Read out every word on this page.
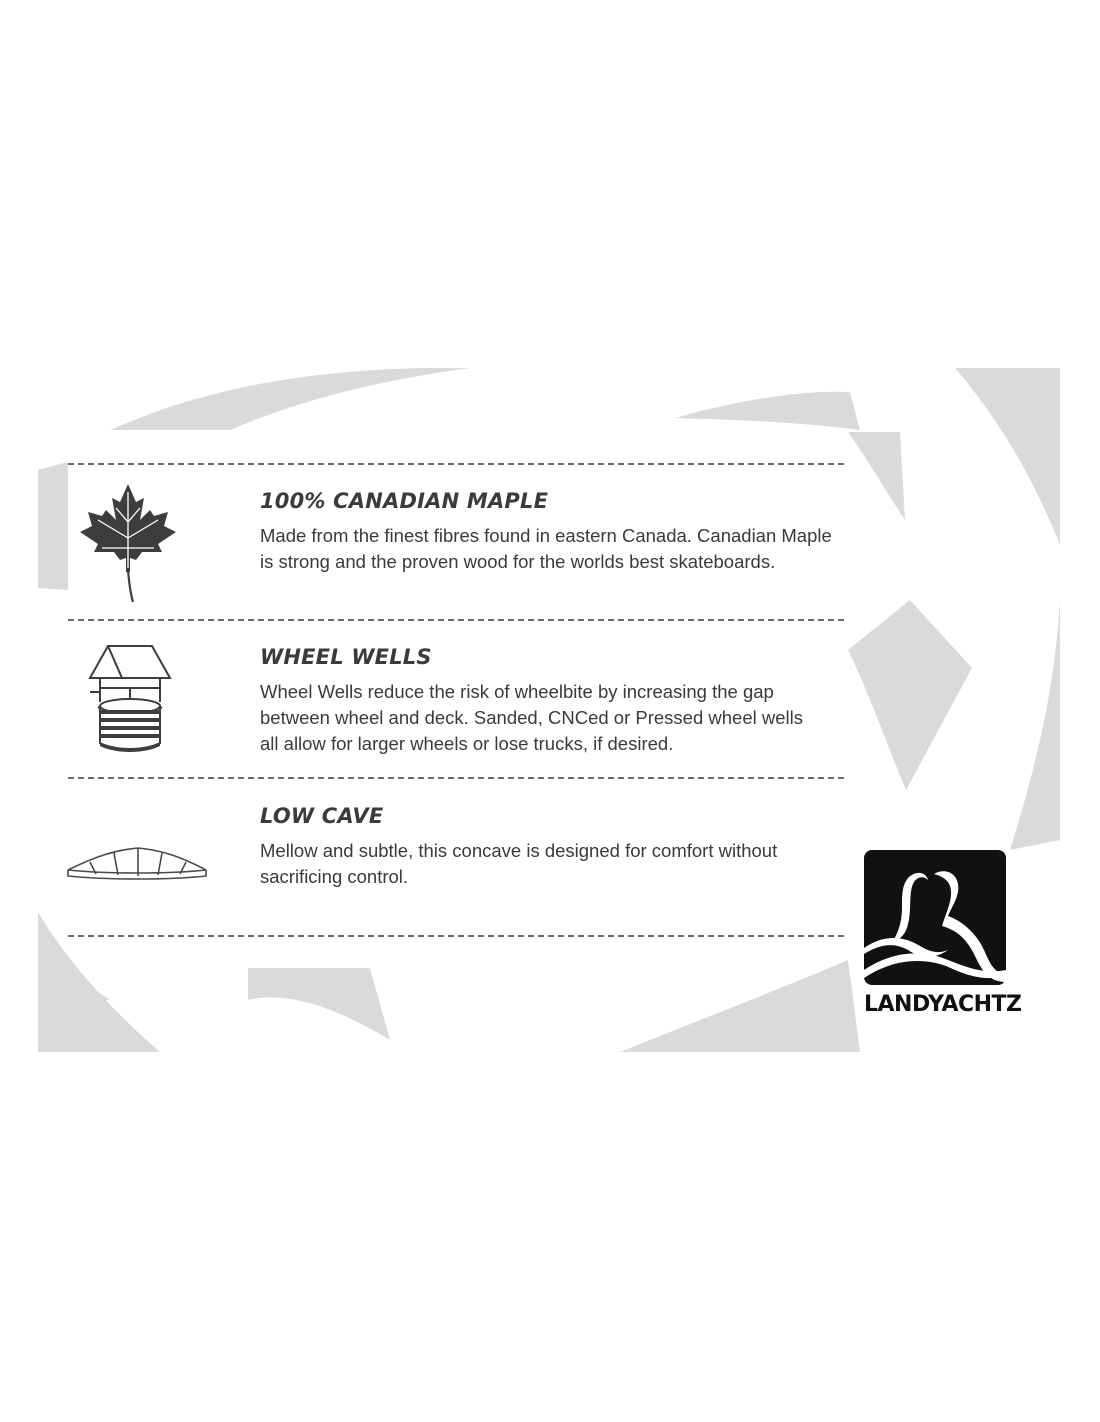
100% CANADIAN MAPLE

Made from the finest fibres found in eastern Canada. Canadian Maple is strong and the proven wood for the worlds best skateboards.

WHEEL WELLS

Wheel Wells reduce the risk of wheelbite by increasing the gap between wheel and deck. Sanded, CNCed or Pressed wheel wells all allow for larger wheels or lose trucks, if desired.

LOW CAVE

Mellow and subtle, this concave is designed for comfort without sacrificing control.

LANDYACHTZ
